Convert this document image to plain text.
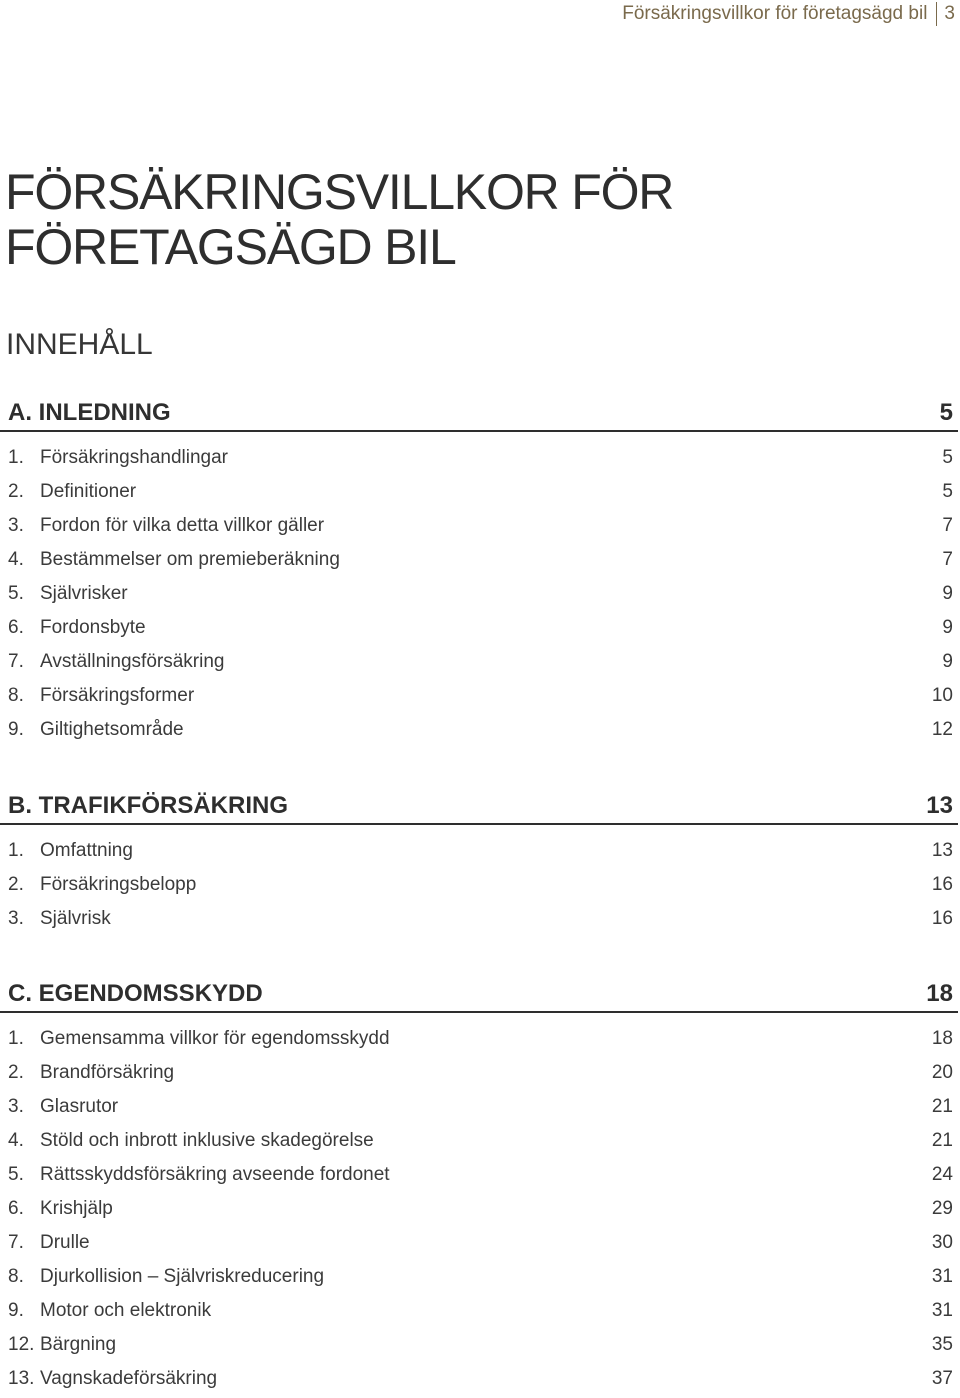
Försäkringsvillkor för företagsägd bil 3
FÖRSÄKRINGSVILLKOR FÖR
FÖRETAGSÄGD BIL
INNEHÅLL
A. INLEDNING	5
1. Försäkringshandlingar	5
2. Definitioner	5
3. Fordon för vilka detta villkor gäller	7
4. Bestämmelser om premieberäkning	7
5. Självrisker	9
6. Fordonsbyte	9
7. Avställningsförsäkring	9
8. Försäkringsformer	10
9. Giltighetsområde	12
B. TRAFIKFÖRSÄKRING	13
1. Omfattning	13
2. Försäkringsbelopp	16
3. Självrisk	16
C. EGENDOMSSKYDD	18
1. Gemensamma villkor för egendomsskydd	18
2. Brandförsäkring	20
3. Glasrutor	21
4. Stöld och inbrott inklusive skadegörelse	21
5. Rättsskyddsförsäkring avseende fordonet	24
6. Krishjälp	29
7. Drulle	30
8. Djurkollision – Självriskreducering	31
9. Motor och elektronik	31
12. Bärgning	35
13. Vagnskadeförsäkring	37
